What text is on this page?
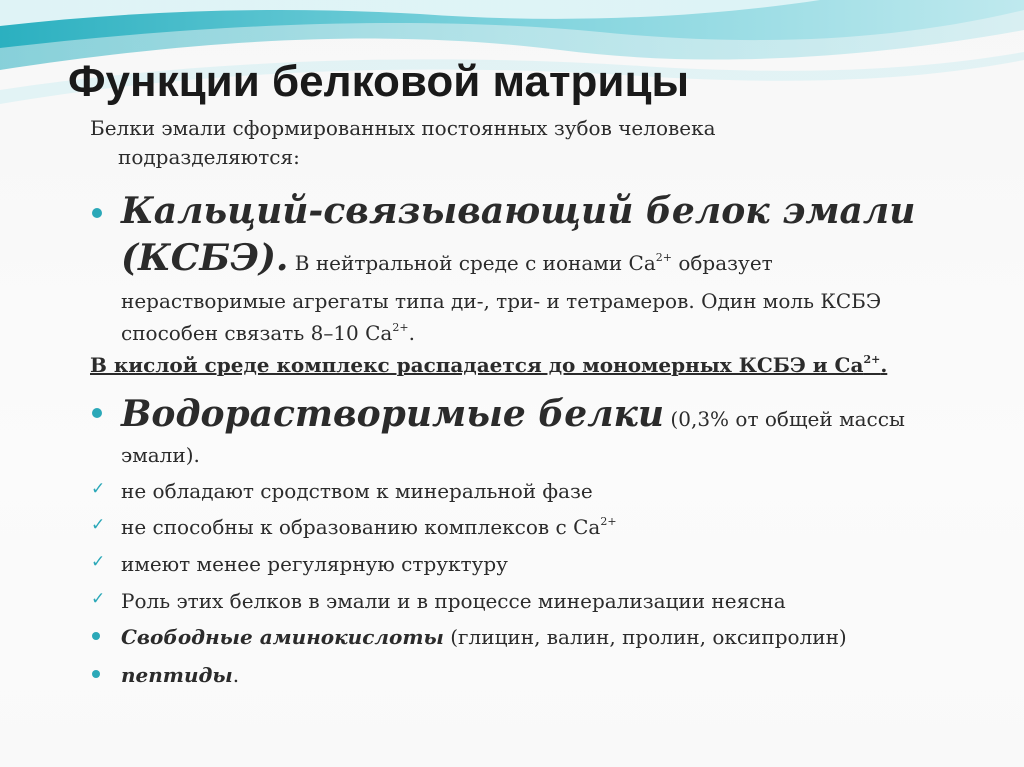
Функции белковой матрицы

Белки эмали сформированных постоянных зубов человека
подразделяются:

Кальций-связывающий белок эмали
(КСБЭ). В нейтральной среде с ионами $Ca^{2+}$ образует
нерастворимые агрегаты типа ди-, три- и тетрамеров. Один моль КСБЭ
способен связать 8–10 $Ca^{2+}$.

В кислой среде комплекс распадается до мономерных КСБЭ и $Ca^{2+}$.

Водорастворимые белки (0,3% от общей массы
эмали).

✓ не обладают сродством к минеральной фазе

✓ не способны к образованию комплексов с $Ca^{2+}$

✓ имеют менее регулярную структуру

✓ Роль этих белков в эмали и в процессе минерализации неясна

Свободные аминокислоты (глицин, валин, пролин, оксипролин)

пептиды.
